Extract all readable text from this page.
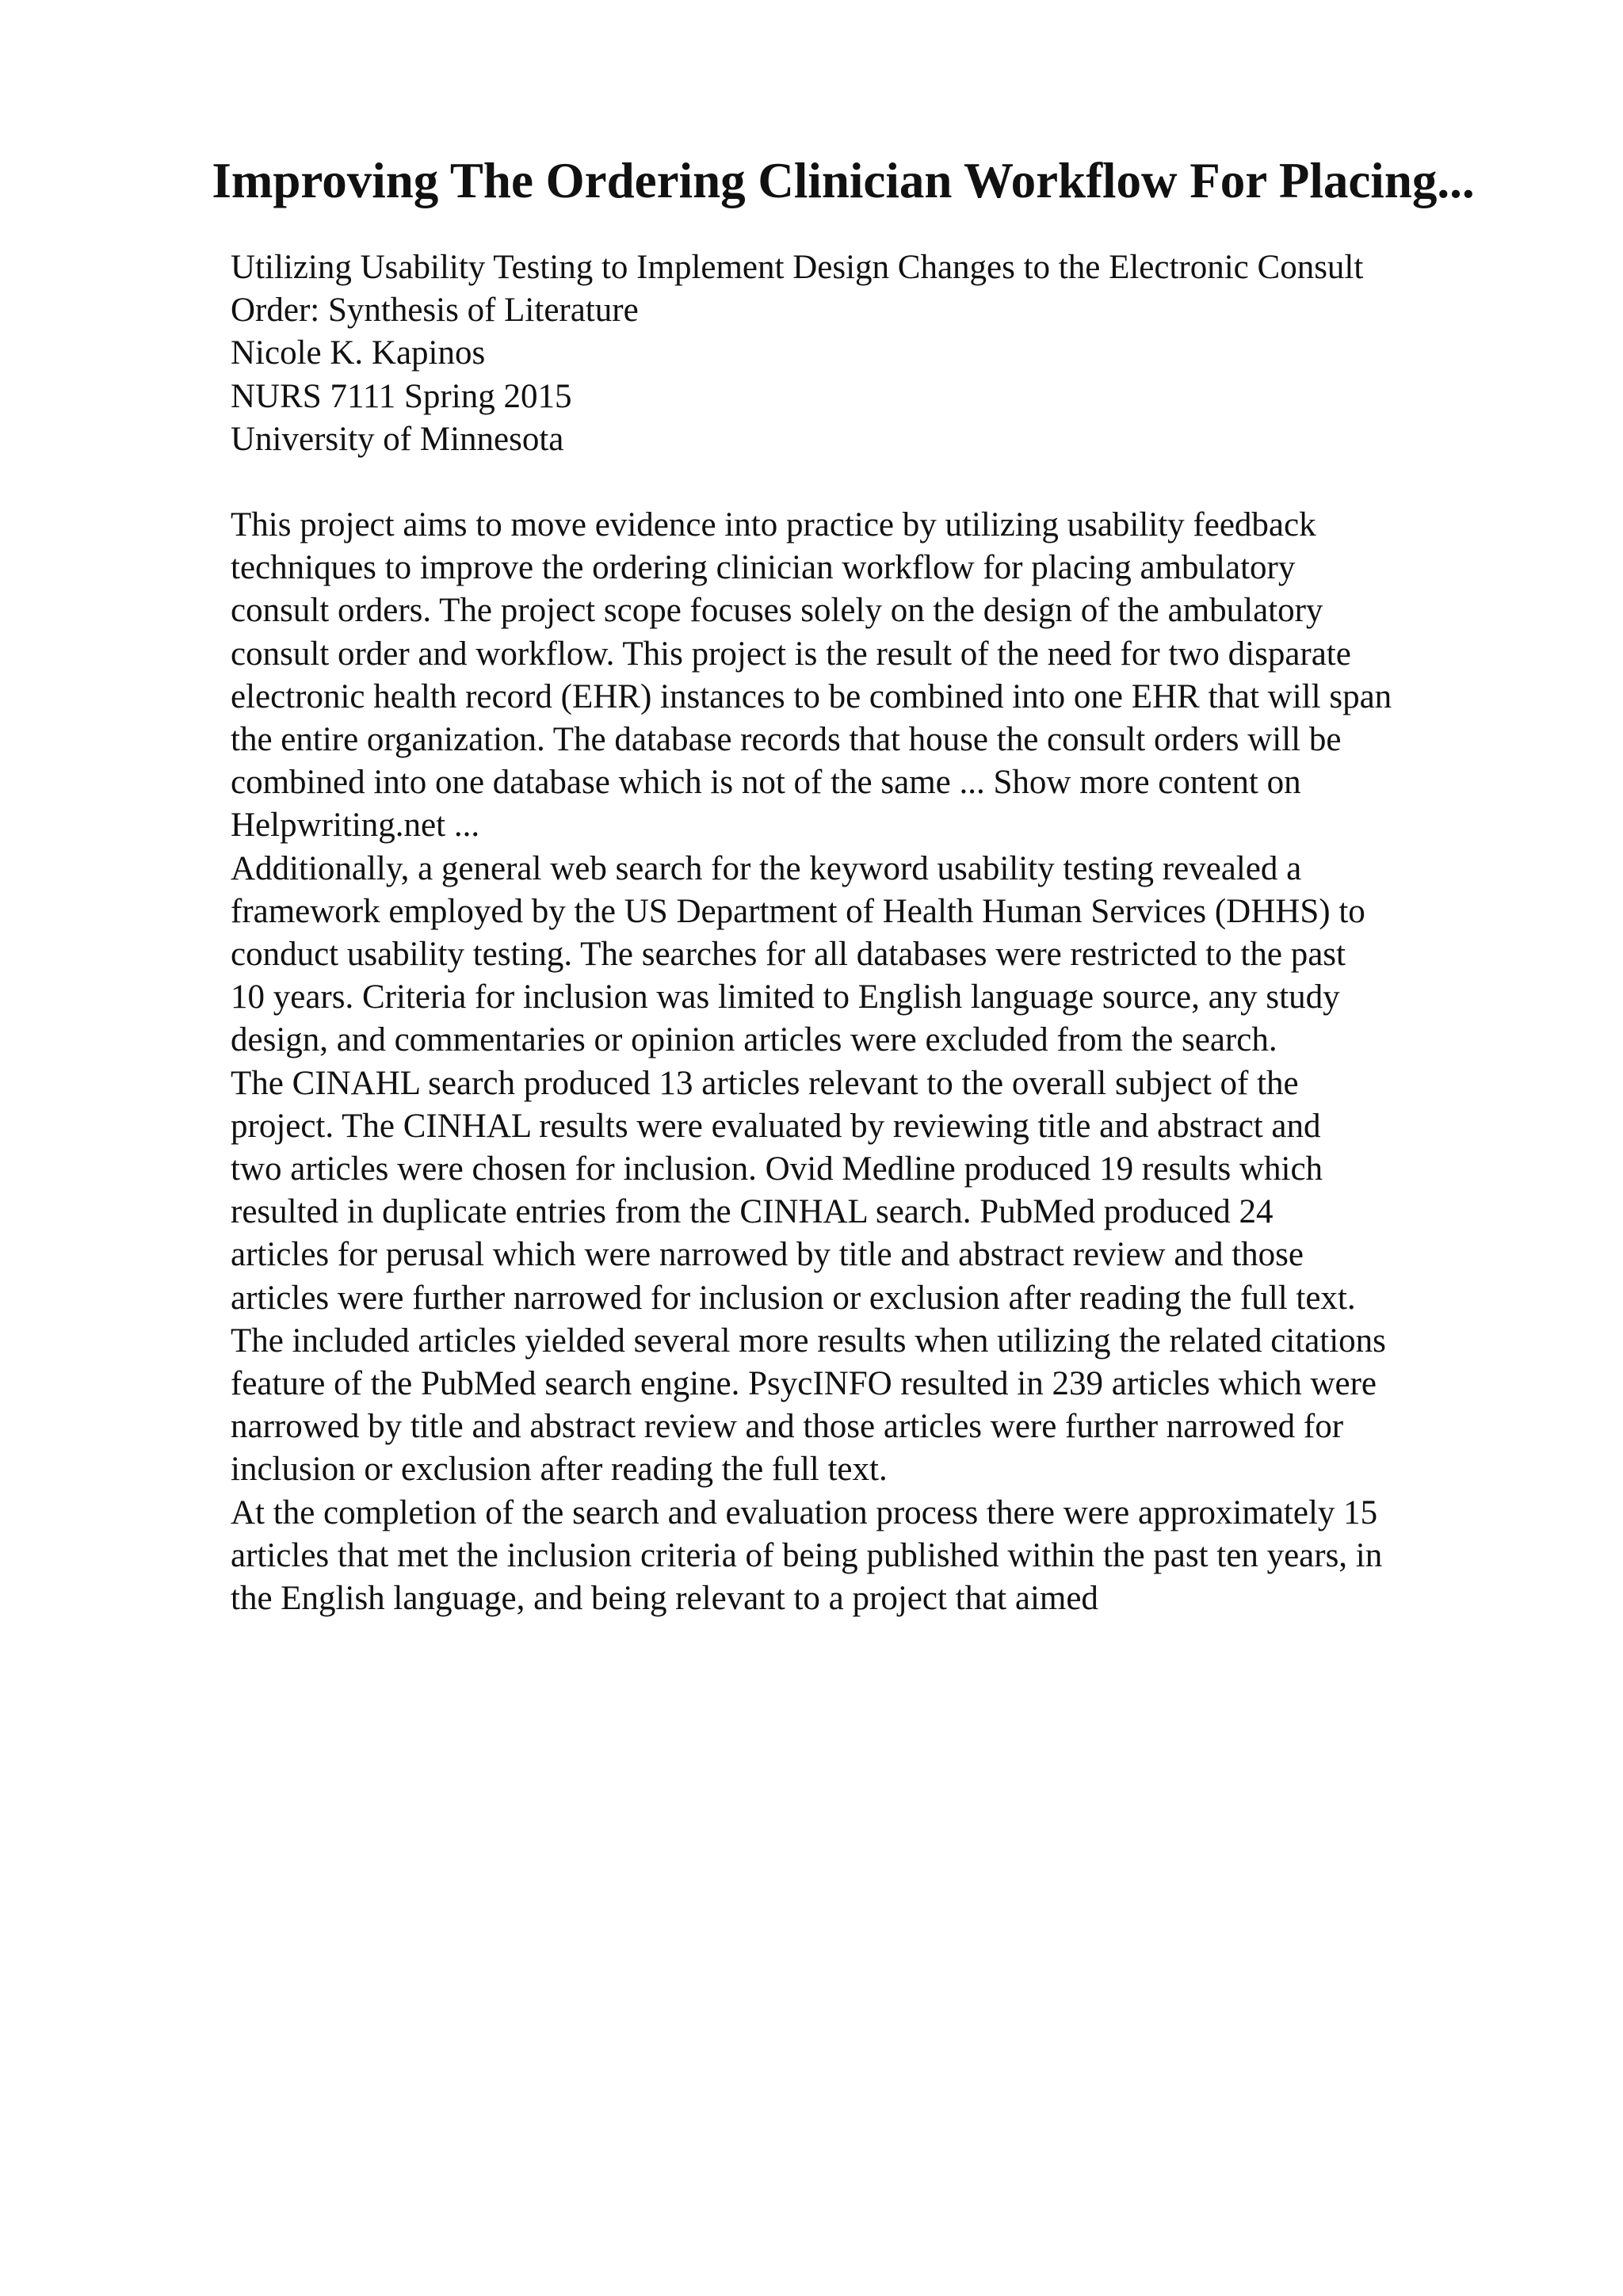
Improving The Ordering Clinician Workflow For Placing...
Utilizing Usability Testing to Implement Design Changes to the Electronic Consult
Order: Synthesis of Literature
Nicole K. Kapinos
NURS 7111 Spring 2015
University of Minnesota
This project aims to move evidence into practice by utilizing usability feedback
techniques to improve the ordering clinician workflow for placing ambulatory
consult orders. The project scope focuses solely on the design of the ambulatory
consult order and workflow. This project is the result of the need for two disparate
electronic health record (EHR) instances to be combined into one EHR that will span
the entire organization. The database records that house the consult orders will be
combined into one database which is not of the same ... Show more content on
Helpwriting.net ...
Additionally, a general web search for the keyword usability testing revealed a
framework employed by the US Department of Health Human Services (DHHS) to
conduct usability testing. The searches for all databases were restricted to the past
10 years. Criteria for inclusion was limited to English language source, any study
design, and commentaries or opinion articles were excluded from the search.
The CINAHL search produced 13 articles relevant to the overall subject of the
project. The CINHAL results were evaluated by reviewing title and abstract and
two articles were chosen for inclusion. Ovid Medline produced 19 results which
resulted in duplicate entries from the CINHAL search. PubMed produced 24
articles for perusal which were narrowed by title and abstract review and those
articles were further narrowed for inclusion or exclusion after reading the full text.
The included articles yielded several more results when utilizing the related citations
feature of the PubMed search engine. PsycINFO resulted in 239 articles which were
narrowed by title and abstract review and those articles were further narrowed for
inclusion or exclusion after reading the full text.
At the completion of the search and evaluation process there were approximately 15
articles that met the inclusion criteria of being published within the past ten years, in
the English language, and being relevant to a project that aimed
